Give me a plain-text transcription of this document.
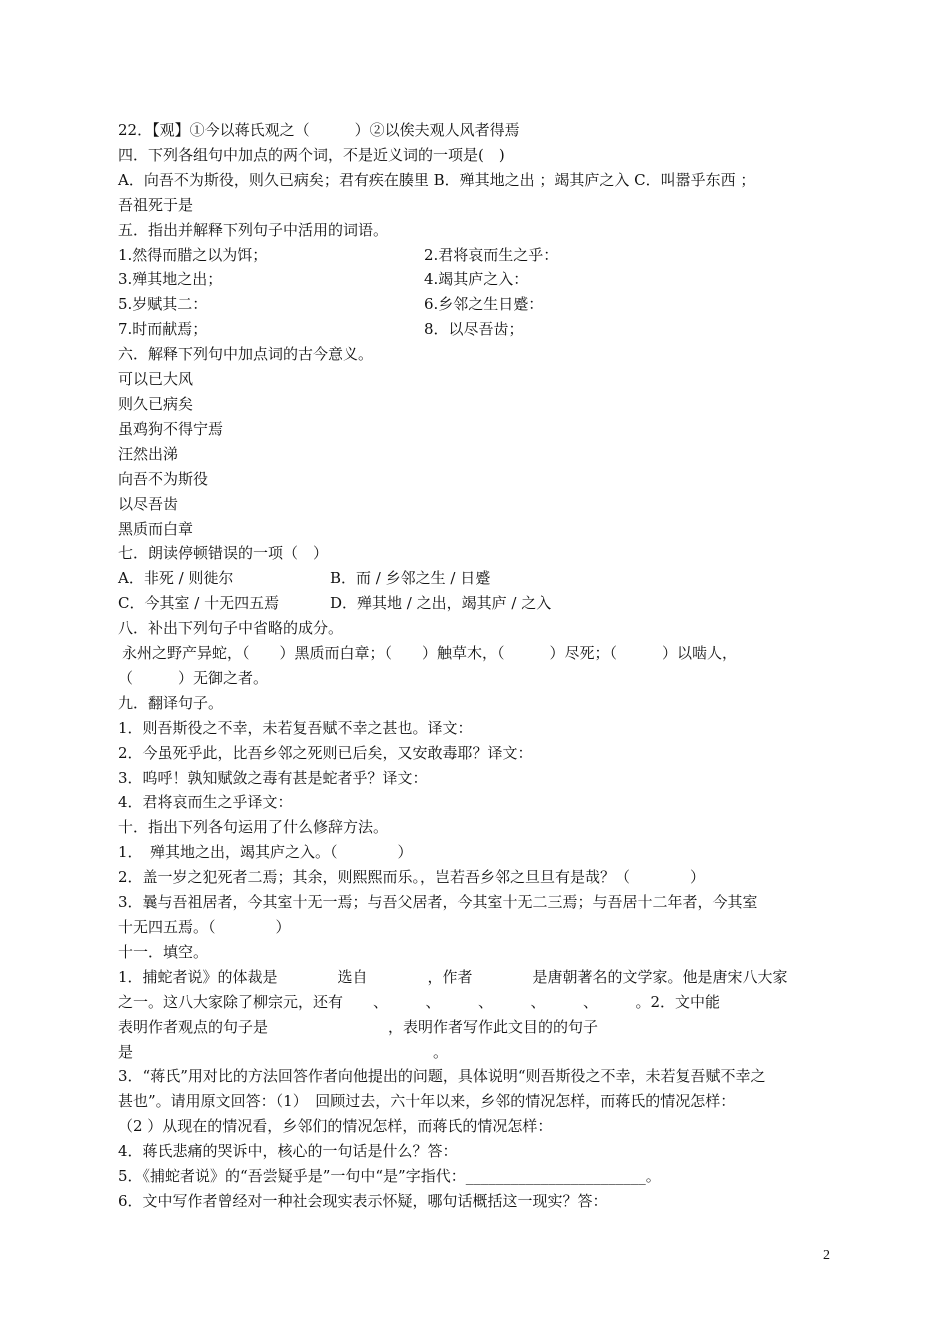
22．【观】①今以蒋氏观之（　　　）②以俟夫观人风者得焉
四．下列各组句中加点的两个词，不是近义词的一项是(　)
A．向吾不为斯役，则久已病矣；君有疾在腠里 B．殚其地之出 ；竭其庐之入 C．叫嚣乎东西 ；
吾祖死于是
五．指出并解释下列句子中活用的词语。
1.然得而腊之以为饵；	2.君将哀而生之乎：
3.殚其地之出；	4.竭其庐之入：
5.岁赋其二：	6.乡邻之生日蹙：
7.时而献焉；	8．以尽吾齿；
六．解释下列句中加点词的古今意义。
可以已大风
则久已病矣
虽鸡狗不得宁焉
汪然出涕
向吾不为斯役
以尽吾齿
黑质而白章
七．朗读停顿错误的一项（　）
A．非死 / 则徙尔	B．而 / 乡邻之生 / 日蹙
C．今其室 / 十无四五焉	D．殚其地 / 之出，竭其庐 / 之入
八．补出下列句子中省略的成分。
永州之野产异蛇，（　　）黑质而白章；（　　）触草木，（　　　）尽死；（　　　）以啮人，
（　　　）无御之者。
九．翻译句子。
1．则吾斯役之不幸，未若复吾赋不幸之甚也。译文：
2．今虽死乎此，比吾乡邻之死则已后矣，又安敢毒耶？译文：
3．呜呼！孰知赋敛之毒有甚是蛇者乎？译文：
4．君将哀而生之乎译文：
十．指出下列各句运用了什么修辞方法。
1．　殚其地之出，竭其庐之入。（　　　　）
2．盖一岁之犯死者二焉；其余，则熙熙而乐。，岂若吾乡邻之旦旦有是哉？（　　　　）
3．曩与吾祖居者，今其室十无一焉；与吾父居者，今其室十无二三焉；与吾居十二年者，今其室
十无四五焉。（　　　　）
十一．填空。
1．捕蛇者说》的体裁是　　　　选自　　　　，作者　　　　是唐朝著名的文学家。他是唐宋八大家
之一。这八大家除了柳宗元，还有　　、　　　、　　　、　　　、　　　、　　　。2．文中能
表明作者观点的句子是　　　　　　　　，表明作者写作此文目的的句子
是　　　　　　　　　　　　　　　　　　　　。
3．“蒋氏”用对比的方法回答作者向他提出的问题，具体说明“则吾斯役之不幸，未若复吾赋不幸之
甚也”。请用原文回答：（1）　回顾过去，六十年以来，乡邻的情况怎样，而蒋氏的情况怎样：
（2 ）从现在的情况看，乡邻们的情况怎样，而蒋氏的情况怎样：
4．蒋氏悲痛的哭诉中，核心的一句话是什么？答：
5．《捕蛇者说》的“吾尝疑乎是”一句中“是”字指代：________________________。
6．文中写作者曾经对一种社会现实表示怀疑，哪句话概括这一现实？答：
2
